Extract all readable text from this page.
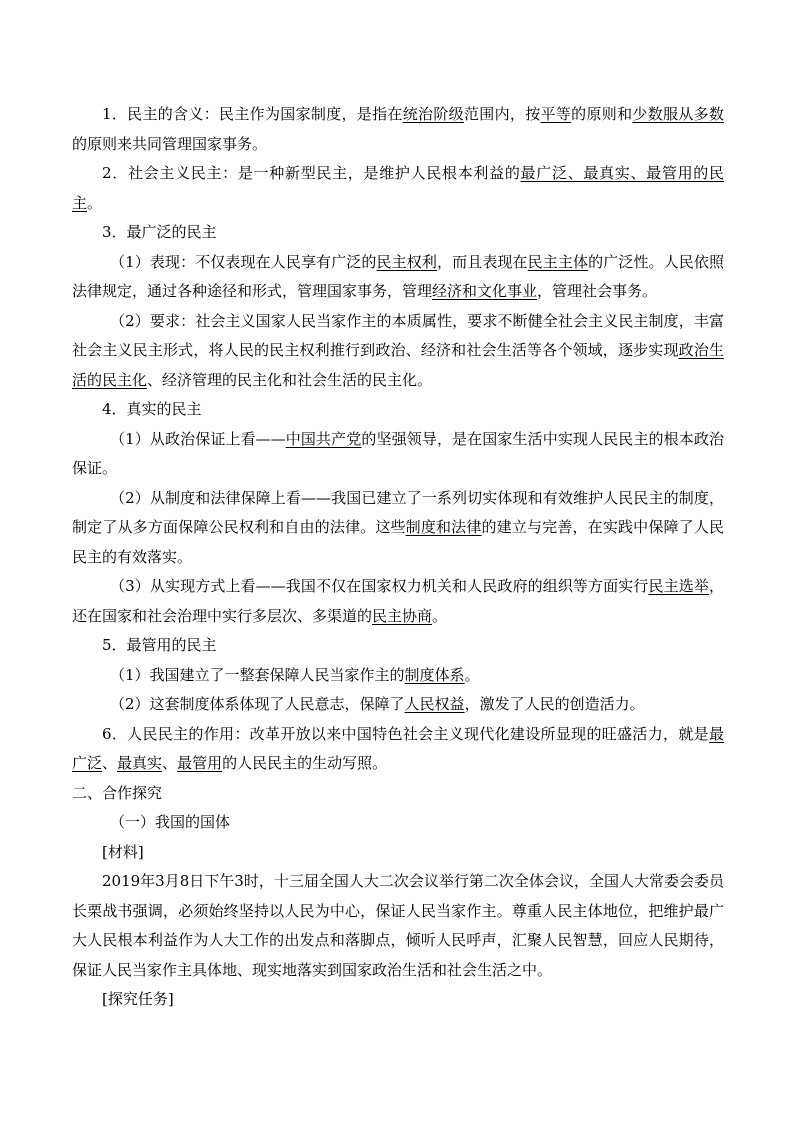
1．民主的含义：民主作为国家制度，是指在统治阶级范围内，按平等的原则和少数服从多数的原则来共同管理国家事务。

2．社会主义民主：是一种新型民主，是维护人民根本利益的最广泛、最真实、最管用的民主。

3．最广泛的民主

（1）表现：不仅表现在人民享有广泛的民主权利，而且表现在民主主体的广泛性。人民依照法律规定，通过各种途径和形式，管理国家事务，管理经济和文化事业，管理社会事务。

（2）要求：社会主义国家人民当家作主的本质属性，要求不断健全社会主义民主制度，丰富社会主义民主形式，将人民的民主权利推行到政治、经济和社会生活等各个领域，逐步实现政治生活的民主化、经济管理的民主化和社会生活的民主化。

4．真实的民主

（1）从政治保证上看——中国共产党的坚强领导，是在国家生活中实现人民民主的根本政治保证。

（2）从制度和法律保障上看——我国已建立了一系列切实体现和有效维护人民民主的制度，制定了从多方面保障公民权利和自由的法律。这些制度和法律的建立与完善，在实践中保障了人民民主的有效落实。

（3）从实现方式上看——我国不仅在国家权力机关和人民政府的组织等方面实行民主选举，还在国家和社会治理中实行多层次、多渠道的民主协商。

5．最管用的民主

（1）我国建立了一整套保障人民当家作主的制度体系。

（2）这套制度体系体现了人民意志，保障了人民权益，激发了人民的创造活力。

6．人民民主的作用：改革开放以来中国特色社会主义现代化建设所显现的旺盛活力，就是最广泛、最真实、最管用的人民民主的生动写照。

二、合作探究

（一）我国的国体

[材料]

2019年3月8日下午3时，十三届全国人大二次会议举行第二次全体会议，全国人大常委会委员长栗战书强调，必须始终坚持以人民为中心，保证人民当家作主。尊重人民主体地位，把维护最广大人民根本利益作为人大工作的出发点和落脚点，倾听人民呼声，汇聚人民智慧，回应人民期待，保证人民当家作主具体地、现实地落实到国家政治生活和社会生活之中。

[探究任务]
